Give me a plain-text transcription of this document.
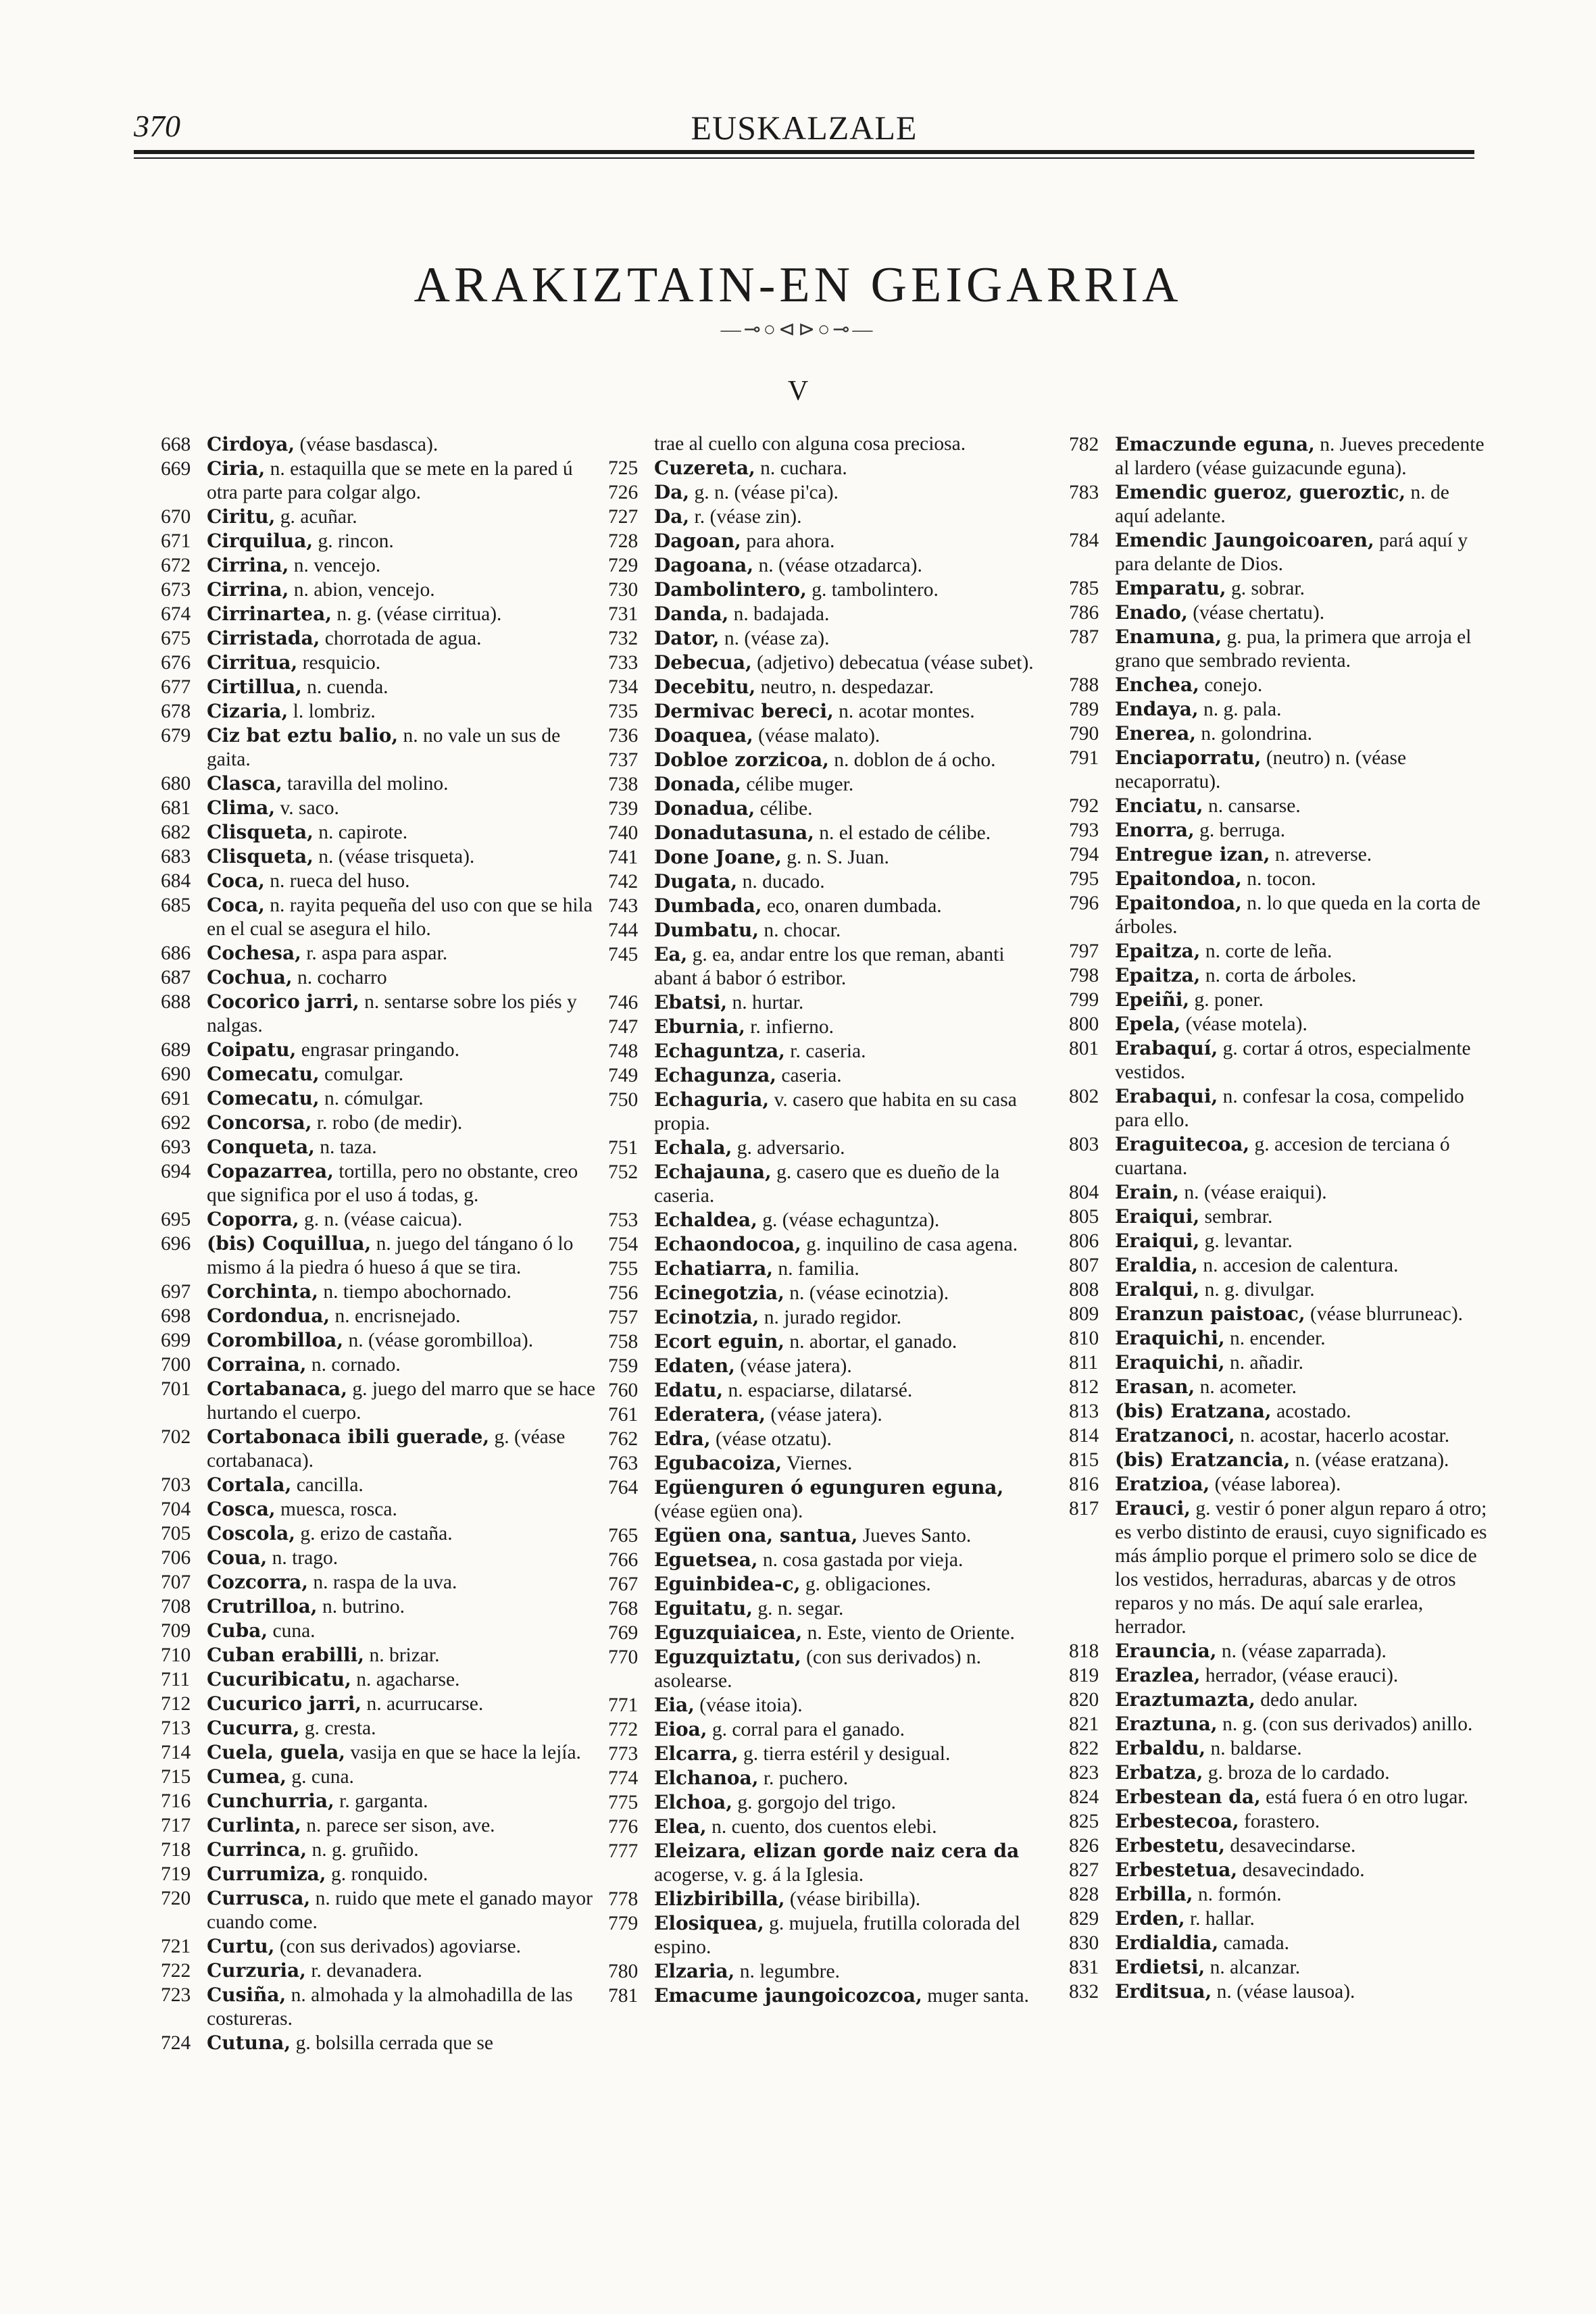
370	EUSKALZALE
ARAKIZTAIN-EN GEIGARRIA
—⊸○⊲⊳○⊸—
V

668 Cirdoya, (véase basdasca).

669 Ciria, n. estaquilla que se mete en la pared ú otra parte para colgar algo.

670 Ciritu, g. acuñar.

671 Cirquilua, g. rincon.

672 Cirrina, n. vencejo.

673 Cirrina, n. abion, vencejo.

674 Cirrinartea, n. g. (véase cirritua).

675 Cirristada, chorrotada de agua.

676 Cirritua, resquicio.

677 Cirtillua, n. cuenda.

678 Cizaria, l. lombriz.

679 Ciz bat eztu balio, n. no vale un sus de gaita.

680 Clasca, taravilla del molino.

681 Clima, v. saco.

682 Clisqueta, n. capirote.

683 Clisqueta, n. (véase trisqueta).

684 Coca, n. rueca del huso.

685 Coca, n. rayita pequeña del uso con que se hila en el cual se asegura el hilo.

686 Cochesa, r. aspa para aspar.

687 Cochua, n. cocharro

688 Cocorico jarri, n. sentarse sobre los piés y nalgas.

689 Coipatu, engrasar pringando.

690 Comecatu, comulgar.

691 Comecatu, n. cómulgar.

692 Concorsa, r. robo (de medir).

693 Conqueta, n. taza.

694 Copazarrea, tortilla, pero no obstante, creo que significa por el uso á todas, g.

695 Coporra, g. n. (véase caicua).

696 (bis) Coquillua, n. juego del tángano ó lo mismo á la piedra ó hueso á que se tira.

697 Corchinta, n. tiempo abochornado.

698 Cordondua, n. encrisnejado.

699 Corombilloa, n. (véase gorombilloa).

700 Corraina, n. cornado.

701 Cortabanaca, g. juego del marro que se hace hurtando el cuerpo.

702 Cortabonaca ibili guerade, g. (véase cortabanaca).

703 Cortala, cancilla.

704 Cosca, muesca, rosca.

705 Coscola, g. erizo de castaña.

706 Coua, n. trago.

707 Cozcorra, n. raspa de la uva.

708 Crutrilloa, n. butrino.

709 Cuba, cuna.

710 Cuban erabilli, n. brizar.

711 Cucuribicatu, n. agacharse.

712 Cucurico jarri, n. acurrucarse.

713 Cucurra, g. cresta.

714 Cuela, guela, vasija en que se hace la lejía.

715 Cumea, g. cuna.

716 Cunchurria, r. garganta.

717 Curlinta, n. parece ser sison, ave.

718 Currinca, n. g. gruñido.

719 Currumiza, g. ronquido.

720 Currusca, n. ruido que mete el ganado mayor cuando come.

721 Curtu, (con sus derivados) agoviarse.

722 Curzuria, r. devanadera.

723 Cusiña, n. almohada y la almohadilla de las costureras.

724 Cutuna, g. bolsilla cerrada que se

trae al cuello con alguna cosa preciosa.

725 Cuzereta, n. cuchara.

726 Da, g. n. (véase pi'ca).

727 Da, r. (véase zin).

728 Dagoan, para ahora.

729 Dagoana, n. (véase otzadarca).

730 Dambolintero, g. tambolintero.

731 Danda, n. badajada.

732 Dator, n. (véase za).

733 Debecua, (adjetivo) debecatua (véase subet).

734 Decebitu, neutro, n. despedazar.

735 Dermivac bereci, n. acotar montes.

736 Doaquea, (véase malato).

737 Dobloe zorzicoa, n. doblon de á ocho.

738 Donada, célibe muger.

739 Donadua, célibe.

740 Donadutasuna, n. el estado de célibe.

741 Done Joane, g. n. S. Juan.

742 Dugata, n. ducado.

743 Dumbada, eco, onaren dumbada.

744 Dumbatu, n. chocar.

745 Ea, g. ea, andar entre los que reman, abanti abant á babor ó estribor.

746 Ebatsi, n. hurtar.

747 Eburnia, r. infierno.

748 Echaguntza, r. caseria.

749 Echagunza, caseria.

750 Echaguria, v. casero que habita en su casa propia.

751 Echala, g. adversario.

752 Echajauna, g. casero que es dueño de la caseria.

753 Echaldea, g. (véase echaguntza).

754 Echaondocoa, g. inquilino de casa agena.

755 Echatiarra, n. familia.

756 Ecinegotzia, n. (véase ecinotzia).

757 Ecinotzia, n. jurado regidor.

758 Ecort eguin, n. abortar, el ganado.

759 Edaten, (véase jatera).

760 Edatu, n. espaciarse, dilatarsé.

761 Ederatera, (véase jatera).

762 Edra, (véase otzatu).

763 Egubacoiza, Viernes.

764 Egüenguren ó egunguren eguna, (véase egüen ona).

765 Egüen ona, santua, Jueves Santo.

766 Eguetsea, n. cosa gastada por vieja.

767 Eguinbidea-c, g. obligaciones.

768 Eguitatu, g. n. segar.

769 Eguzquiaicea, n. Este, viento de Oriente.

770 Eguzquiztatu, (con sus derivados) n. asolearse.

771 Eia, (véase itoia).

772 Eioa, g. corral para el ganado.

773 Elcarra, g. tierra estéril y desigual.

774 Elchanoa, r. puchero.

775 Elchoa, g. gorgojo del trigo.

776 Elea, n. cuento, dos cuentos elebi.

777 Eleizara, elizan gorde naiz cera da acogerse, v. g. á la Iglesia.

778 Elizbiribilla, (véase biribilla).

779 Elosiquea, g. mujuela, frutilla colorada del espino.

780 Elzaria, n. legumbre.

781 Emacume jaungoicozcoa, muger santa.

782 Emaczunde eguna, n. Jueves precedente al lardero (véase guizacunde eguna).

783 Emendic gueroz, gueroztic, n. de aquí adelante.

784 Emendic Jaungoicoaren, pará aquí y para delante de Dios.

785 Emparatu, g. sobrar.

786 Enado, (véase chertatu).

787 Enamuna, g. pua, la primera que arroja el grano que sembrado revienta.

788 Enchea, conejo.

789 Endaya, n. g. pala.

790 Enerea, n. golondrina.

791 Enciaporratu, (neutro) n. (véase necaporratu).

792 Enciatu, n. cansarse.

793 Enorra, g. berruga.

794 Entregue izan, n. atreverse.

795 Epaitondoa, n. tocon.

796 Epaitondoa, n. lo que queda en la corta de árboles.

797 Epaitza, n. corte de leña.

798 Epaitza, n. corta de árboles.

799 Epeiñi, g. poner.

800 Epela, (véase motela).

801 Erabaquí, g. cortar á otros, especialmente vestidos.

802 Erabaqui, n. confesar la cosa, compelido para ello.

803 Eraguitecoa, g. accesion de terciana ó cuartana.

804 Erain, n. (véase eraiqui).

805 Eraiqui, sembrar.

806 Eraiqui, g. levantar.

807 Eraldia, n. accesion de calentura.

808 Eralqui, n. g. divulgar.

809 Eranzun paistoac, (véase blurruneac).

810 Eraquichi, n. encender.

811 Eraquichi, n. añadir.

812 Erasan, n. acometer.

813 (bis) Eratzana, acostado.

814 Eratzanoci, n. acostar, hacerlo acostar.

815 (bis) Eratzancia, n. (véase eratzana).

816 Eratzioa, (véase laborea).

817 Erauci, g. vestir ó poner algun reparo á otro; es verbo distinto de erausi, cuyo significado es más ámplio porque el primero solo se dice de los vestidos, herraduras, abarcas y de otros reparos y no más. De aquí sale erarlea, herrador.

818 Erauncia, n. (véase zaparrada).

819 Erazlea, herrador, (véase erauci).

820 Eraztumazta, dedo anular.

821 Eraztuna, n. g. (con sus derivados) anillo.

822 Erbaldu, n. baldarse.

823 Erbatza, g. broza de lo cardado.

824 Erbestean da, está fuera ó en otro lugar.

825 Erbestecoa, forastero.

826 Erbestetu, desavecindarse.

827 Erbestetua, desavecindado.

828 Erbilla, n. formón.

829 Erden, r. hallar.

830 Erdialdia, camada.

831 Erdietsi, n. alcanzar.

832 Erditsua, n. (véase lausoa).
